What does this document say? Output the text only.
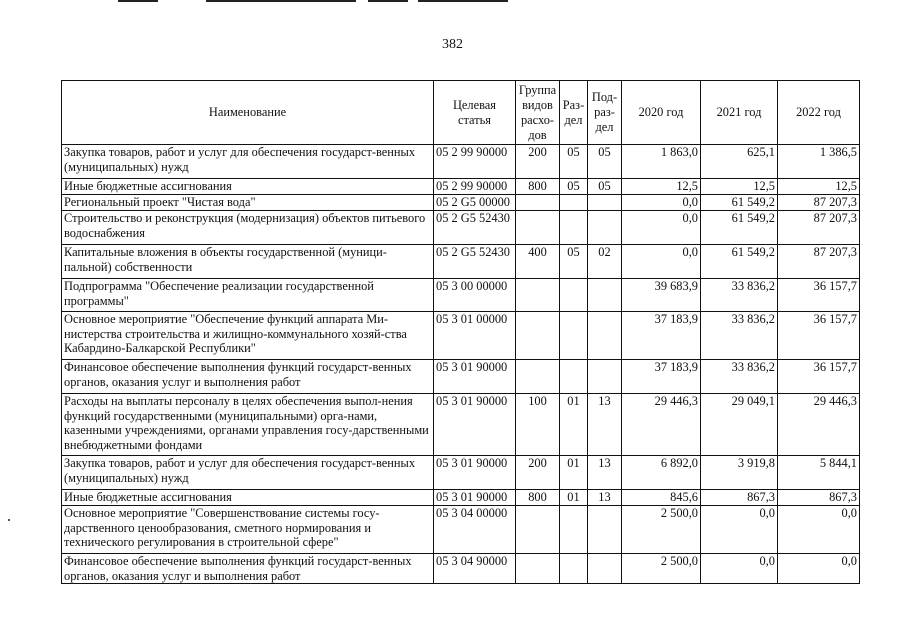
382
Наименование	Целевая статья	Группа видов расхо-дов	Раз-дел	Под-раз-дел	2020 год	2021 год	2022 год
Закупка товаров, работ и услуг для обеспечения государст-венных (муниципальных) нужд	05 2 99 90000	200	05	05	1 863,0	625,1	1 386,5
Иные бюджетные ассигнования	05 2 99 90000	800	05	05	12,5	12,5	12,5
Региональный проект "Чистая вода"	05 2 G5 00000				0,0	61 549,2	87 207,3
Строительство и реконструкция (модернизация) объектов питьевого водоснабжения	05 2 G5 52430				0,0	61 549,2	87 207,3
Капитальные вложения в объекты государственной (муници-пальной) собственности	05 2 G5 52430	400	05	02	0,0	61 549,2	87 207,3
Подпрограмма "Обеспечение реализации государственной программы"	05 3 00 00000				39 683,9	33 836,2	36 157,7
Основное мероприятие "Обеспечение функций аппарата Ми-нистерства строительства и жилищно-коммунального хозяй-ства Кабардино-Балкарской Республики"	05 3 01 00000				37 183,9	33 836,2	36 157,7
Финансовое обеспечение выполнения функций государст-венных органов, оказания услуг и выполнения работ	05 3 01 90000				37 183,9	33 836,2	36 157,7
Расходы на выплаты персоналу в целях обеспечения выпол-нения функций государственными (муниципальными) орга-нами, казенными учреждениями, органами управления госу-дарственными внебюджетными фондами	05 3 01 90000	100	01	13	29 446,3	29 049,1	29 446,3
Закупка товаров, работ и услуг для обеспечения государст-венных (муниципальных) нужд	05 3 01 90000	200	01	13	6 892,0	3 919,8	5 844,1
Иные бюджетные ассигнования	05 3 01 90000	800	01	13	845,6	867,3	867,3
Основное мероприятие "Совершенствование системы госу-дарственного ценообразования, сметного нормирования и технического регулирования в строительной сфере"	05 3 04 00000				2 500,0	0,0	0,0
Финансовое обеспечение выполнения функций государст-венных органов, оказания услуг и выполнения работ	05 3 04 90000				2 500,0	0,0	0,0
